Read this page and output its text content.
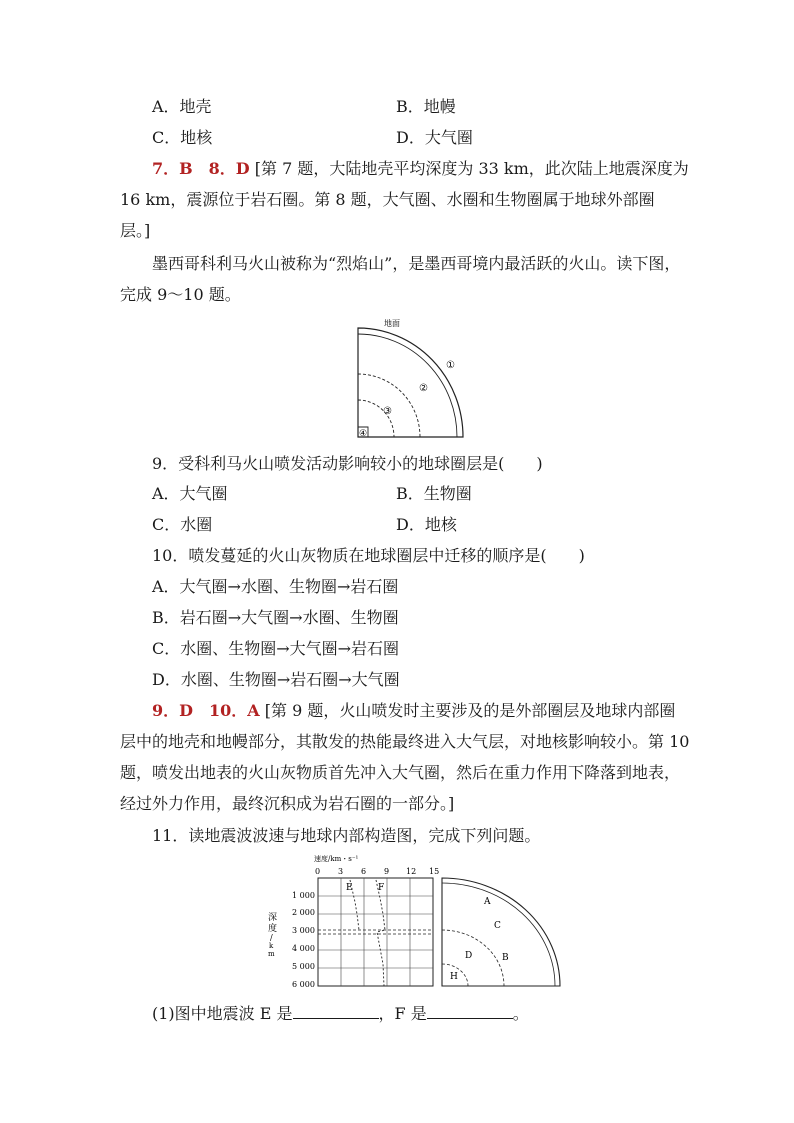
A．地壳	B．地幔
C．地核	D．大气圈
7．B　8．D [第 7 题，大陆地壳平均深度为 33 km，此次陆上地震深度为
16 km，震源位于岩石圈。第 8 题，大气圈、水圈和生物圈属于地球外部圈
层。]
墨西哥科利马火山被称为“烈焰山”，是墨西哥境内最活跃的火山。读下图，
完成 9～10 题。
地面
①
②
③
④
9．受科利马火山喷发活动影响较小的地球圈层是(　　)
A．大气圈	B．生物圈
C．水圈	D．地核
10．喷发蔓延的火山灰物质在地球圈层中迁移的顺序是(　　)
A．大气圈→水圈、生物圈→岩石圈
B．岩石圈→大气圈→水圈、生物圈
C．水圈、生物圈→大气圈→岩石圈
D．水圈、生物圈→岩石圈→大气圈
9．D　10．A [第 9 题，火山喷发时主要涉及的是外部圈层及地球内部圈
层中的地壳和地幔部分，其散发的热能最终进入大气层，对地核影响较小。第 10
题，喷发出地表的火山灰物质首先冲入大气圈，然后在重力作用下降落到地表，
经过外力作用，最终沉积成为岩石圈的一部分。]
11．读地震波波速与地球内部构造图，完成下列问题。
速度/km・s⁻¹
0 3 6 9 12 15
1 000
2 000
3 000
4 000
5 000
6 000
深
度
/
k
m
E	F
A
C
B
D
H
(1)图中地震波 E 是	，F 是	。
